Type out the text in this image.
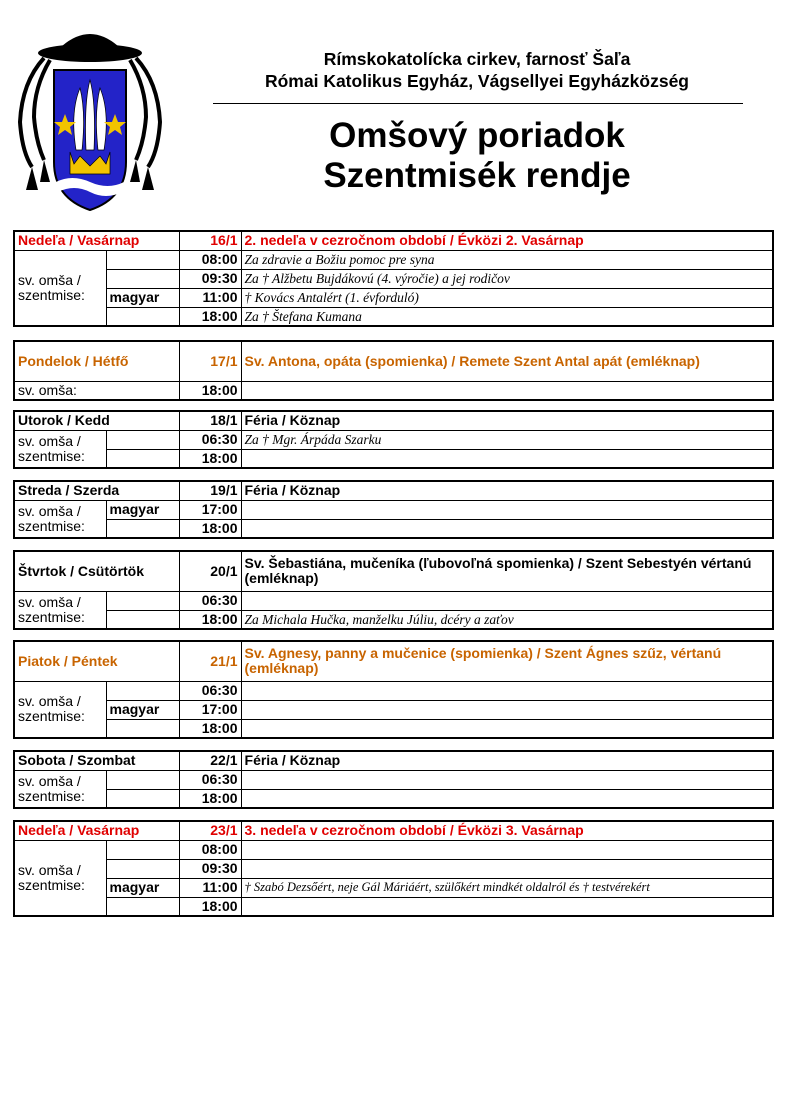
Rímskokatolícka cirkev, farnosť Šaľa
Római Katolikus Egyház, Vágsellyei Egyházközség
Omšový poriadok
Szentmisék rendje
Nedeľa / Vasárnap		16/1	2. nedeľa v cezročnom období / Évközi 2. Vasárnap
sv. omša / szentmise:		08:00	Za zdravie a Božiu pomoc pre syna
		09:30	Za † Alžbetu Bujdákovú (4. výročie) a jej rodičov
	magyar	11:00	† Kovács Antalért (1. évforduló)
		18:00	Za † Štefana Kumana
Pondelok / Hétfő	17/1	Sv. Antona, opáta (spomienka) / Remete Szent Antal apát (emléknap)
sv. omša:	18:00	
Utorok / Kedd		18/1	Féria / Köznap
sv. omša / szentmise:		06:30	Za † Mgr. Árpáda Szarku
		18:00	
Streda / Szerda		19/1	Féria / Köznap
sv. omša / szentmise:	magyar	17:00	
		18:00	
Štvrtok / Csütörtök		20/1	Sv. Šebastiána, mučeníka (ľubovoľná spomienka) / Szent Sebestyén vértanú (emléknap)
sv. omša / szentmise:		06:30	
		18:00	Za Michala Hučka, manželku Júliu, dcéry a zaťov
Piatok / Péntek		21/1	Sv. Agnesy, panny a mučenice (spomienka) / Szent Ágnes szűz, vértanú (emléknap)
sv. omša / szentmise:		06:30	
	magyar	17:00	
		18:00	
Sobota / Szombat		22/1	Féria / Köznap
sv. omša / szentmise:		06:30	
		18:00	
Nedeľa / Vasárnap		23/1	3. nedeľa v cezročnom období / Évközi 3. Vasárnap
sv. omša / szentmise:		08:00	
		09:30	
	magyar	11:00	† Szabó Dezsőért, neje Gál Máriáért, szülőkért mindkét oldalról és † testvérekért
		18:00	
